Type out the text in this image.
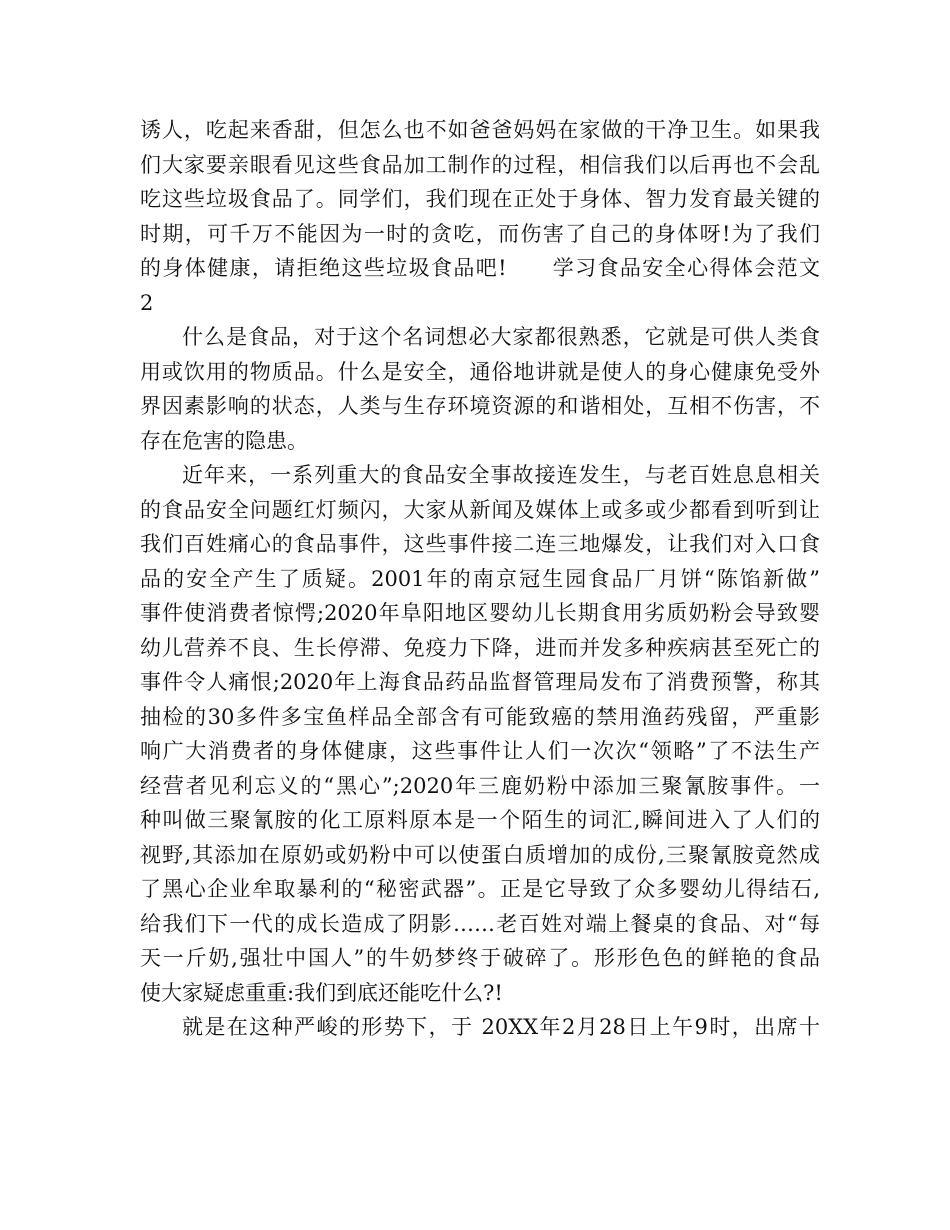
诱人，吃起来香甜，但怎么也不如爸爸妈妈在家做的干净卫生。如果我
们大家要亲眼看见这些食品加工制作的过程，相信我们以后再也不会乱
吃这些垃圾食品了。同学们，我们现在正处于身体、智力发育最关键的
时期，可千万不能因为一时的贪吃，而伤害了自己的身体呀!为了我们
的身体健康，请拒绝这些垃圾食品吧!　　学习食品安全心得体会范文
2
什么是食品，对于这个名词想必大家都很熟悉，它就是可供人类食
用或饮用的物质品。什么是安全，通俗地讲就是使人的身心健康免受外
界因素影响的状态，人类与生存环境资源的和谐相处，互相不伤害，不
存在危害的隐患。
近年来，一系列重大的食品安全事故接连发生，与老百姓息息相关
的食品安全问题红灯频闪，大家从新闻及媒体上或多或少都看到听到让
我们百姓痛心的食品事件，这些事件接二连三地爆发，让我们对入口食
品的安全产生了质疑。2001年的南京冠生园食品厂月饼“陈馅新做”
事件使消费者惊愕;2020年阜阳地区婴幼儿长期食用劣质奶粉会导致婴
幼儿营养不良、生长停滞、免疫力下降，进而并发多种疾病甚至死亡的
事件令人痛恨;2020年上海食品药品监督管理局发布了消费预警，称其
抽检的30多件多宝鱼样品全部含有可能致癌的禁用渔药残留，严重影
响广大消费者的身体健康，这些事件让人们一次次“领略”了不法生产
经营者见利忘义的“黑心”;2020年三鹿奶粉中添加三聚氰胺事件。一
种叫做三聚氰胺的化工原料原本是一个陌生的词汇,瞬间进入了人们的
视野,其添加在原奶或奶粉中可以使蛋白质增加的成份,三聚氰胺竟然成
了黑心企业牟取暴利的“秘密武器”。正是它导致了众多婴幼儿得结石,
给我们下一代的成长造成了阴影……老百姓对端上餐桌的食品、对“每
天一斤奶,强壮中国人”的牛奶梦终于破碎了。形形色色的鲜艳的食品
使大家疑虑重重:我们到底还能吃什么?!
就是在这种严峻的形势下，于 20XX年2月28日上午9时，出席十
